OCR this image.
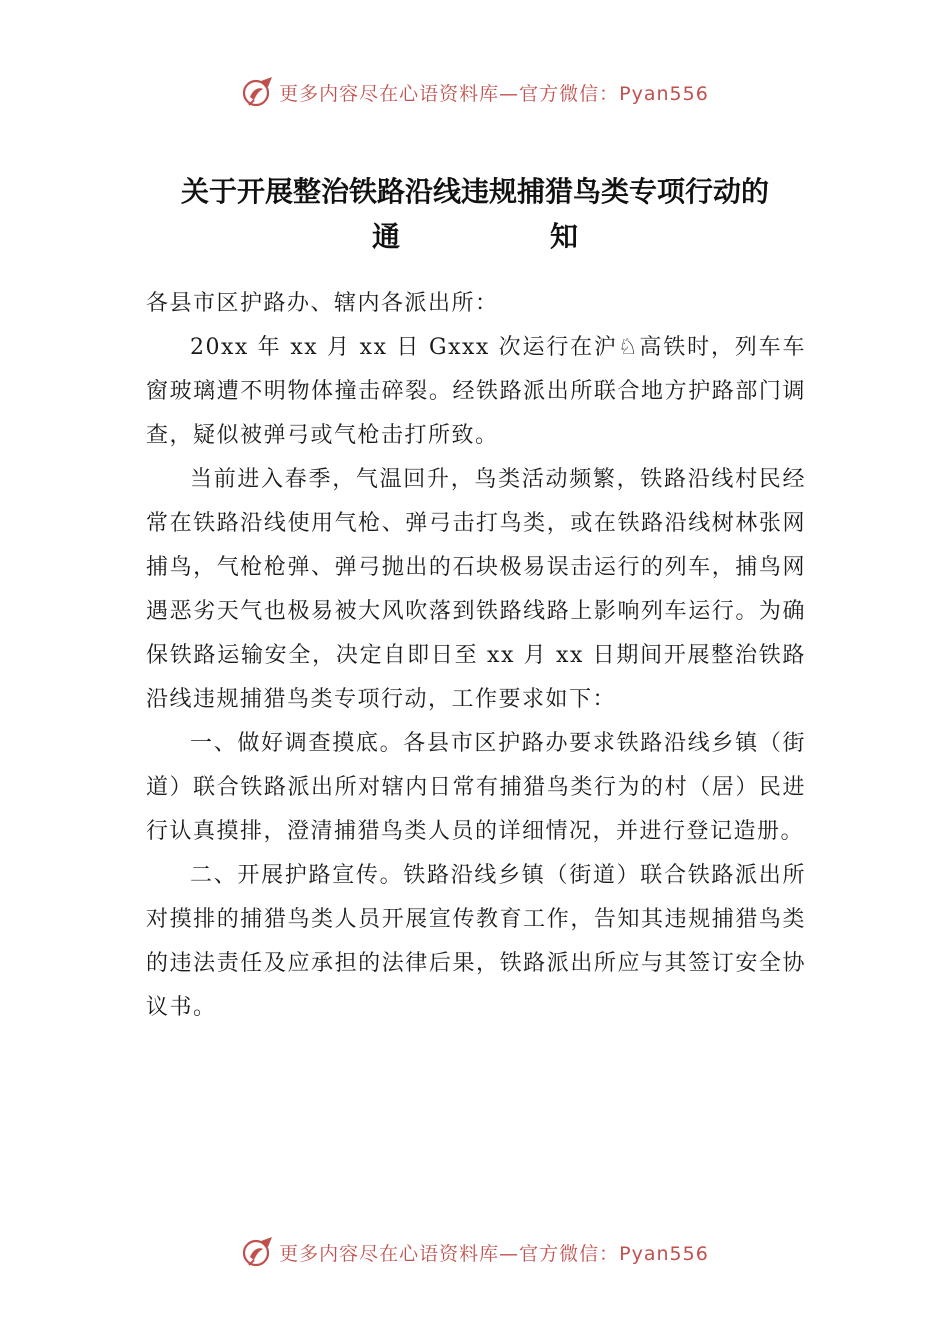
更多内容尽在心语资料库—官方微信：Pyan556
关于开展整治铁路沿线违规捕猎鸟类专项行动的
通	知

各县市区护路办、辖内各派出所：

20xx 年 xx 月 xx 日 Gxxx 次运行在沪♘高铁时，列车车窗玻璃遭不明物体撞击碎裂。经铁路派出所联合地方护路部门调查，疑似被弹弓或气枪击打所致。

当前进入春季，气温回升，鸟类活动频繁，铁路沿线村民经常在铁路沿线使用气枪、弹弓击打鸟类，或在铁路沿线树林张网捕鸟，气枪枪弹、弹弓抛出的石块极易误击运行的列车，捕鸟网遇恶劣天气也极易被大风吹落到铁路线路上影响列车运行。为确保铁路运输安全，决定自即日至 xx 月 xx 日期间开展整治铁路沿线违规捕猎鸟类专项行动，工作要求如下：

一、做好调查摸底。各县市区护路办要求铁路沿线乡镇（街道）联合铁路派出所对辖内日常有捕猎鸟类行为的村（居）民进行认真摸排，澄清捕猎鸟类人员的详细情况，并进行登记造册。

二、开展护路宣传。铁路沿线乡镇（街道）联合铁路派出所对摸排的捕猎鸟类人员开展宣传教育工作，告知其违规捕猎鸟类的违法责任及应承担的法律后果，铁路派出所应与其签订安全协议书。

更多内容尽在心语资料库—官方微信：Pyan556
